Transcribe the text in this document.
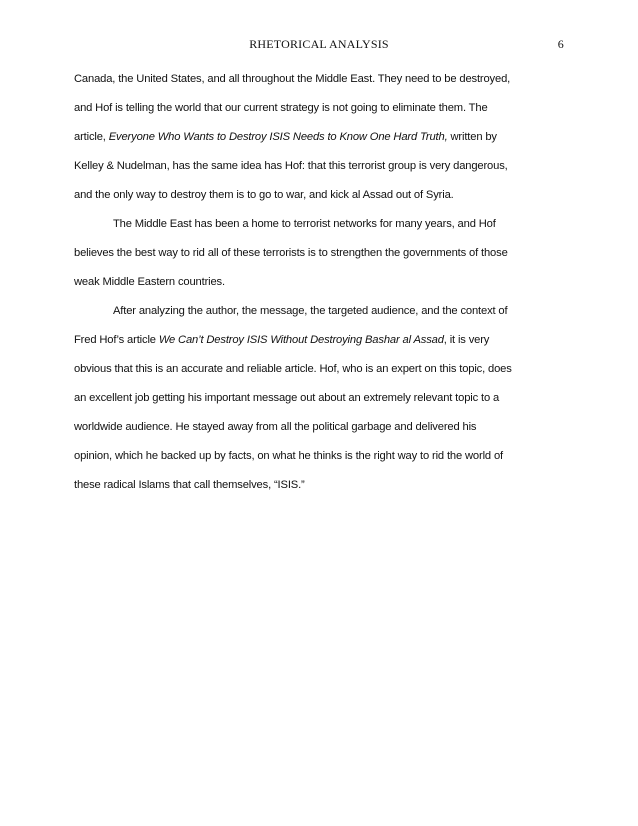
RHETORICAL ANALYSIS	6

Canada, the United States, and all throughout the Middle East. They need to be destroyed,
and Hof is telling the world that our current strategy is not going to eliminate them. The
article, Everyone Who Wants to Destroy ISIS Needs to Know One Hard Truth, written by
Kelley & Nudelman, has the same idea has Hof: that this terrorist group is very dangerous,
and the only way to destroy them is to go to war, and kick al Assad out of Syria.

The Middle East has been a home to terrorist networks for many years, and Hof
believes the best way to rid all of these terrorists is to strengthen the governments of those
weak Middle Eastern countries.

After analyzing the author, the message, the targeted audience, and the context of
Fred Hof’s article We Can’t Destroy ISIS Without Destroying Bashar al Assad, it is very
obvious that this is an accurate and reliable article. Hof, who is an expert on this topic, does
an excellent job getting his important message out about an extremely relevant topic to a
worldwide audience. He stayed away from all the political garbage and delivered his
opinion, which he backed up by facts, on what he thinks is the right way to rid the world of
these radical Islams that call themselves, “ISIS.”
